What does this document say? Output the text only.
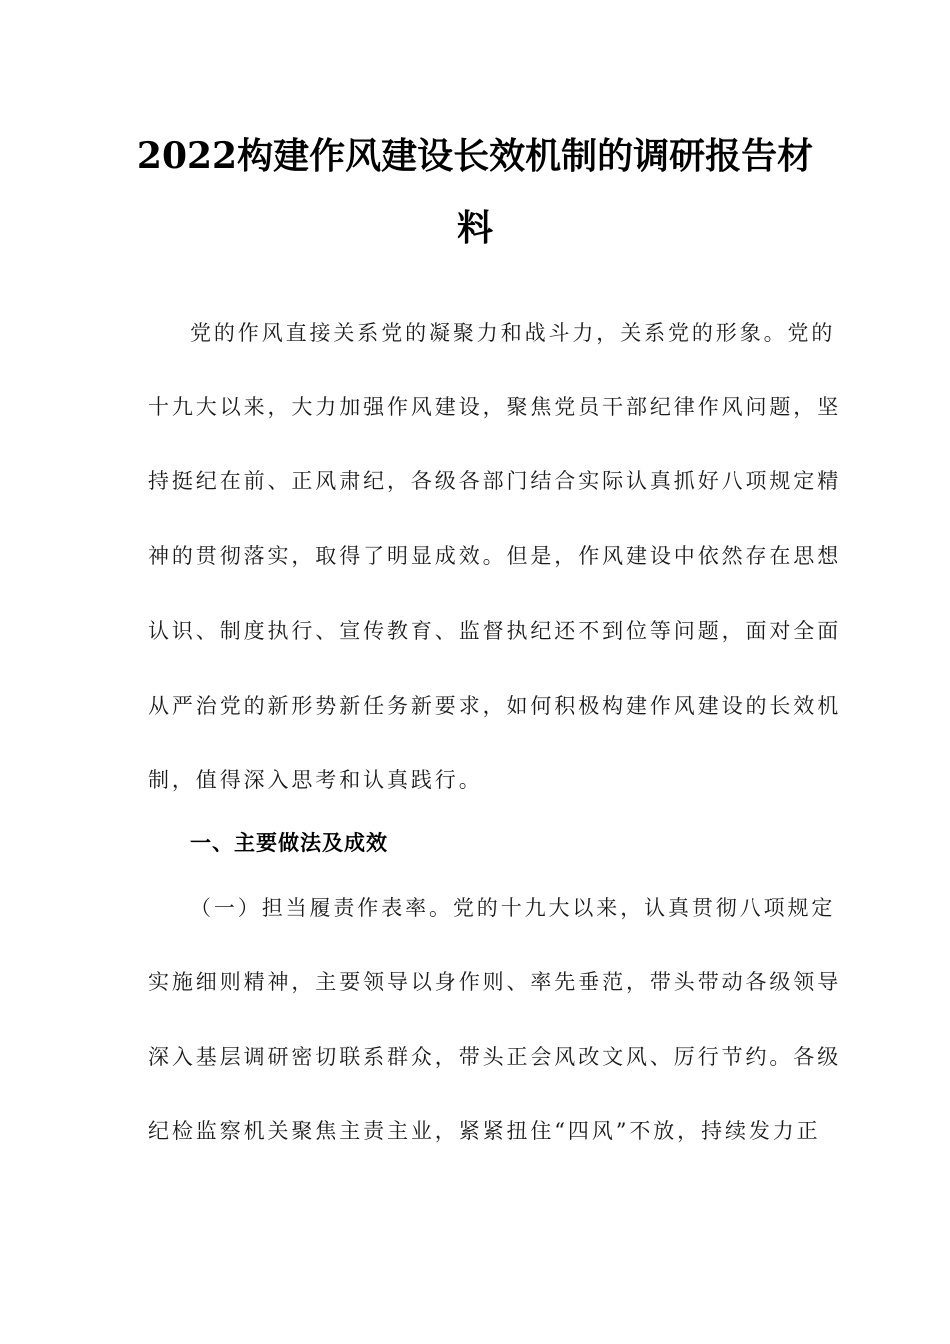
2022构建作风建设长效机制的调研报告材
料
党的作风直接关系党的凝聚力和战斗力，关系党的形象。党的
十九大以来，大力加强作风建设，聚焦党员干部纪律作风问题，坚
持挺纪在前、正风肃纪，各级各部门结合实际认真抓好八项规定精
神的贯彻落实，取得了明显成效。但是，作风建设中依然存在思想
认识、制度执行、宣传教育、监督执纪还不到位等问题，面对全面
从严治党的新形势新任务新要求，如何积极构建作风建设的长效机
制，值得深入思考和认真践行。
一、主要做法及成效
（一）担当履责作表率。党的十九大以来，认真贯彻八项规定
实施细则精神，主要领导以身作则、率先垂范，带头带动各级领导
深入基层调研密切联系群众，带头正会风改文风、厉行节约。各级
纪检监察机关聚焦主责主业，紧紧扭住“四风”不放，持续发力正
